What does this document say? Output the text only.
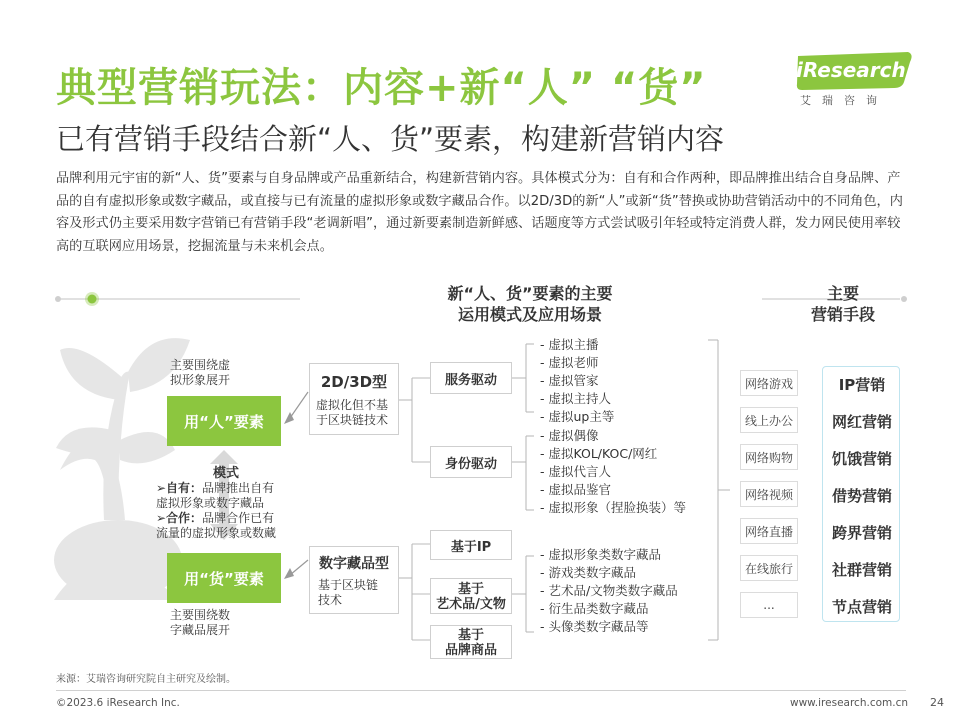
典型营销玩法：内容+新“人” “货”
已有营销手段结合新“人、货”要素，构建新营销内容
iResearch
艾瑞咨询
品牌利用元宇宙的新“人、货”要素与自身品牌或产品重新结合，构建新营销内容。具体模式分为：自有和合作两种，即品牌推出结合自身品牌、产品的自有虚拟形象或数字藏品，或直接与已有流量的虚拟形象或数字藏品合作。以2D/3D的新“人”或新“货”替换或协助营销活动中的不同角色，内容及形式仍主要采用数字营销已有营销手段“老调新唱”，通过新要素制造新鲜感、话题度等方式尝试吸引年轻或特定消费人群，发力网民使用率较高的互联网应用场景，挖掘流量与未来机会点。
新“人、货”要素的主要
运用模式及应用场景
主要
营销手段
主要围绕虚
拟形象展开
用“人”要素
模式
➢自有：品牌推出自有
虚拟形象或数字藏品
➢合作：品牌合作已有
流量的虚拟形象或数藏
用“货”要素
主要围绕数
字藏品展开
2D/3D型
虚拟化但不基
于区块链技术
数字藏品型
基于区块链
技术
服务驱动
身份驱动
- 虚拟主播
- 虚拟老师
- 虚拟管家
- 虚拟主持人
- 虚拟up主等
- 虚拟偶像
- 虚拟KOL/KOC/网红
- 虚拟代言人
- 虚拟品鉴官
- 虚拟形象（捏脸换装）等
基于IP
基于
艺术品/文物
基于
品牌商品
- 虚拟形象类数字藏品
- 游戏类数字藏品
- 艺术品/文物类数字藏品
- 衍生品类数字藏品
- 头像类数字藏品等
网络游戏
线上办公
网络购物
网络视频
网络直播
在线旅行
...
IP营销
网红营销
饥饿营销
借势营销
跨界营销
社群营销
节点营销
来源：艾瑞咨询研究院自主研究及绘制。
©2023.6 iResearch Inc.	www.iresearch.com.cn 24
